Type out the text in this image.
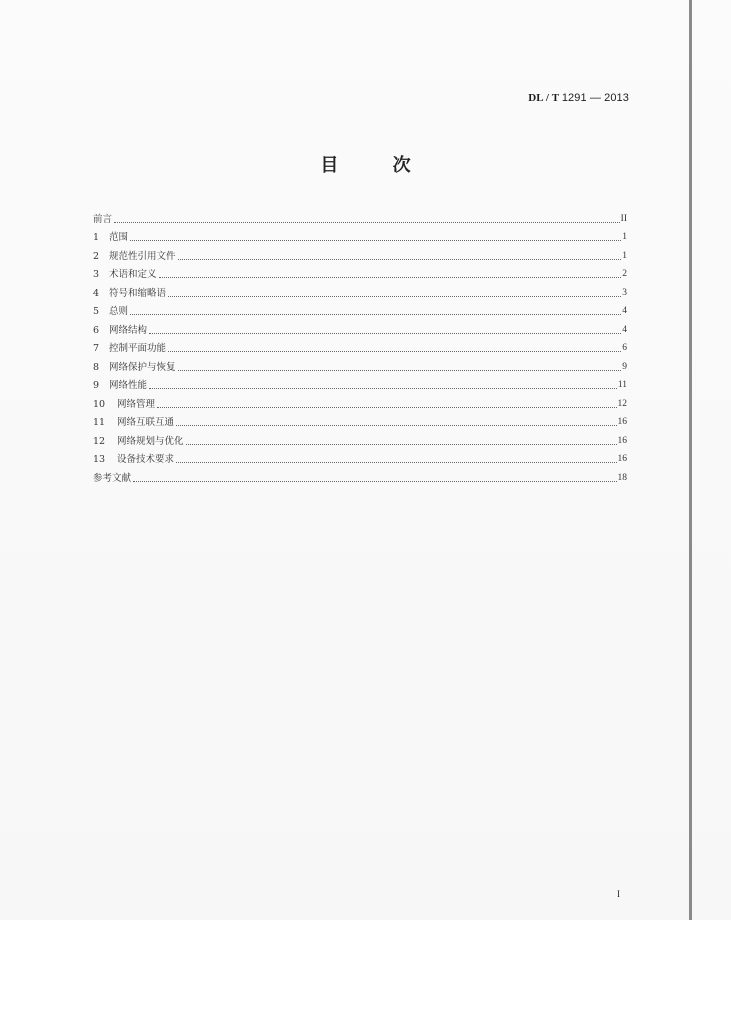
DL / T 1291 — 2013
目 次
前言	II
1	范围	1
2	规范性引用文件	1
3	术语和定义	2
4	符号和缩略语	3
5	总则	4
6	网络结构	4
7	控制平面功能	6
8	网络保护与恢复	9
9	网络性能	11
10	网络管理	12
11	网络互联互通	16
12	网络规划与优化	16
13	设备技术要求	16
参考文献	18
I
